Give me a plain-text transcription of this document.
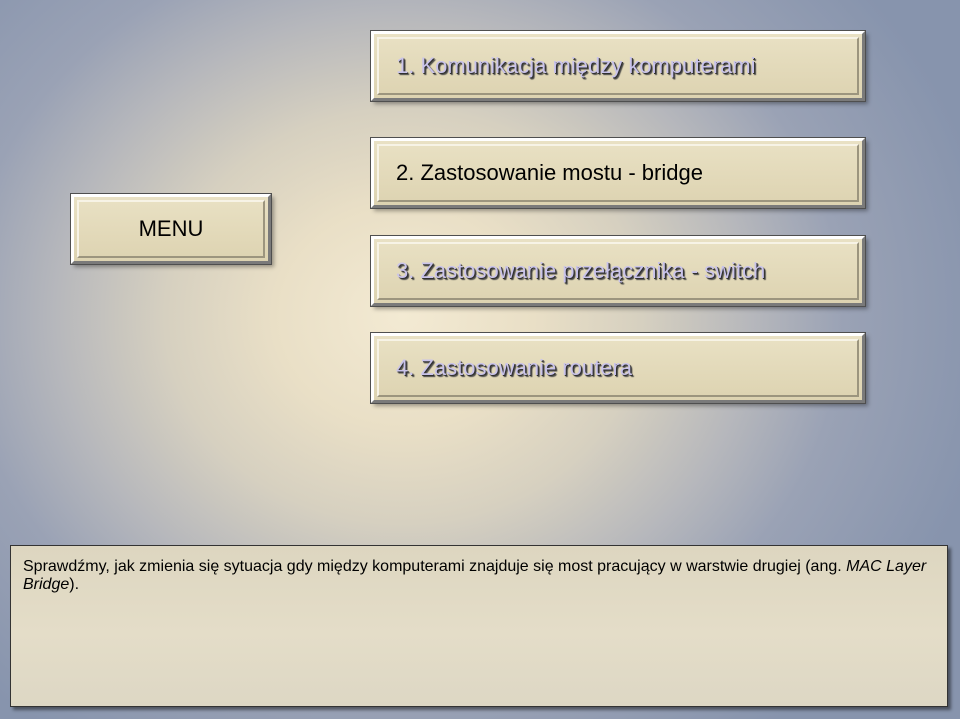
1. Komunikacja między komputerami
2. Zastosowanie mostu - bridge
3. Zastosowanie przełącznika - switch
4. Zastosowanie routera
MENU
Sprawdźmy, jak zmienia się sytuacja gdy między komputerami znajduje się most pracujący w warstwie drugiej (ang. MAC Layer Bridge).
